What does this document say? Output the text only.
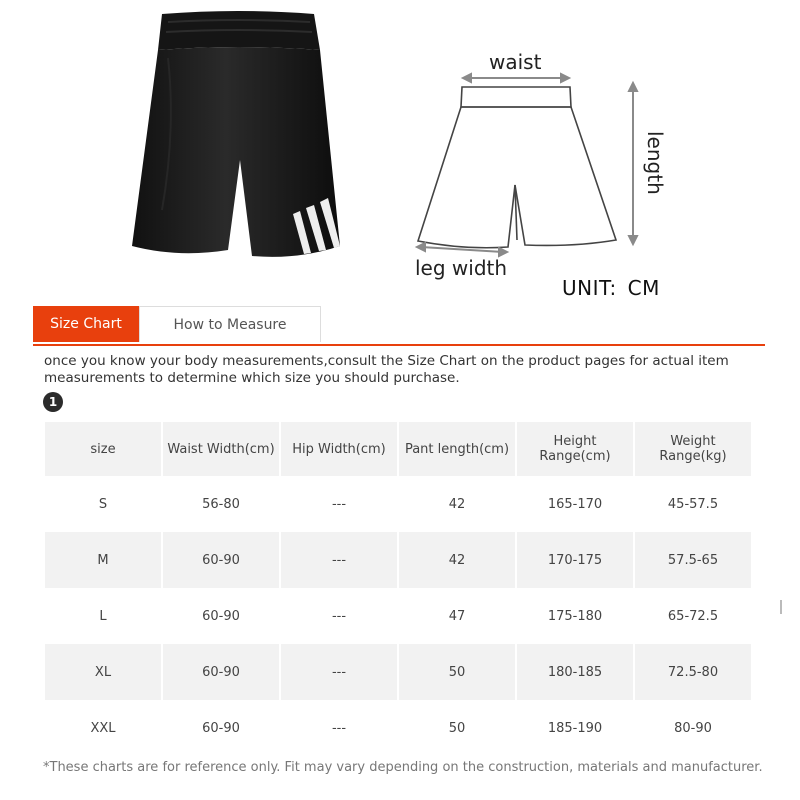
waist
length
leg width
UNIT: CM
Size Chart	How to Measure
once you know your body measurements,consult the Size Chart on the product pages for actual item measurements to determine which size you should purchase.
1
size	Waist Width(cm)	Hip Width(cm)	Pant length(cm)	Height Range(cm)	Weight Range(kg)
S	56-80	---	42	165-170	45-57.5
M	60-90	---	42	170-175	57.5-65
L	60-90	---	47	175-180	65-72.5
XL	60-90	---	50	180-185	72.5-80
XXL	60-90	---	50	185-190	80-90
*These charts are for reference only. Fit may vary depending on the construction, materials and manufacturer.
